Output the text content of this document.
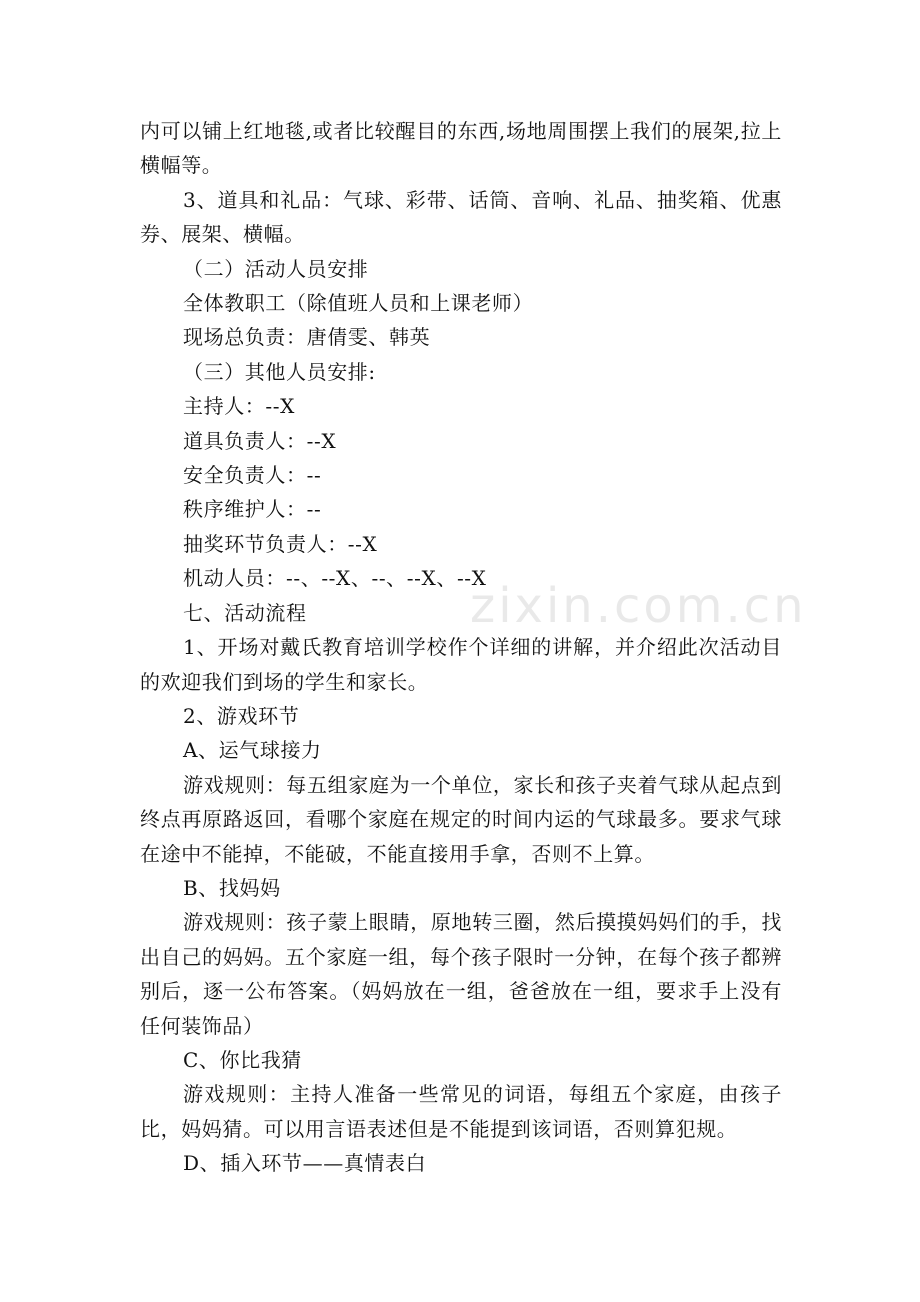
zixin.com.cn

内可以铺上红地毯,或者比较醒目的东西,场地周围摆上我们的展架,拉上横幅等。

3、道具和礼品：气球、彩带、话筒、音响、礼品、抽奖箱、优惠券、展架、横幅。

（二）活动人员安排

全体教职工（除值班人员和上课老师）

现场总负责：唐倩雯、韩英

（三）其他人员安排:

主持人：--X

道具负责人：--X

安全负责人：--

秩序维护人：--

抽奖环节负责人：--X

机动人员：--、--X、--、--X、--X

七、活动流程

1、开场对戴氏教育培训学校作个详细的讲解，并介绍此次活动目的欢迎我们到场的学生和家长。

2、游戏环节

A、运气球接力

游戏规则：每五组家庭为一个单位，家长和孩子夹着气球从起点到终点再原路返回，看哪个家庭在规定的时间内运的气球最多。要求气球在途中不能掉，不能破，不能直接用手拿，否则不上算。

B、找妈妈

游戏规则：孩子蒙上眼睛，原地转三圈，然后摸摸妈妈们的手，找出自己的妈妈。五个家庭一组，每个孩子限时一分钟，在每个孩子都辨别后，逐一公布答案。（妈妈放在一组，爸爸放在一组，要求手上没有任何装饰品）

C、你比我猜

游戏规则：主持人准备一些常见的词语，每组五个家庭，由孩子比，妈妈猜。可以用言语表述但是不能提到该词语，否则算犯规。

D、插入环节——真情表白
